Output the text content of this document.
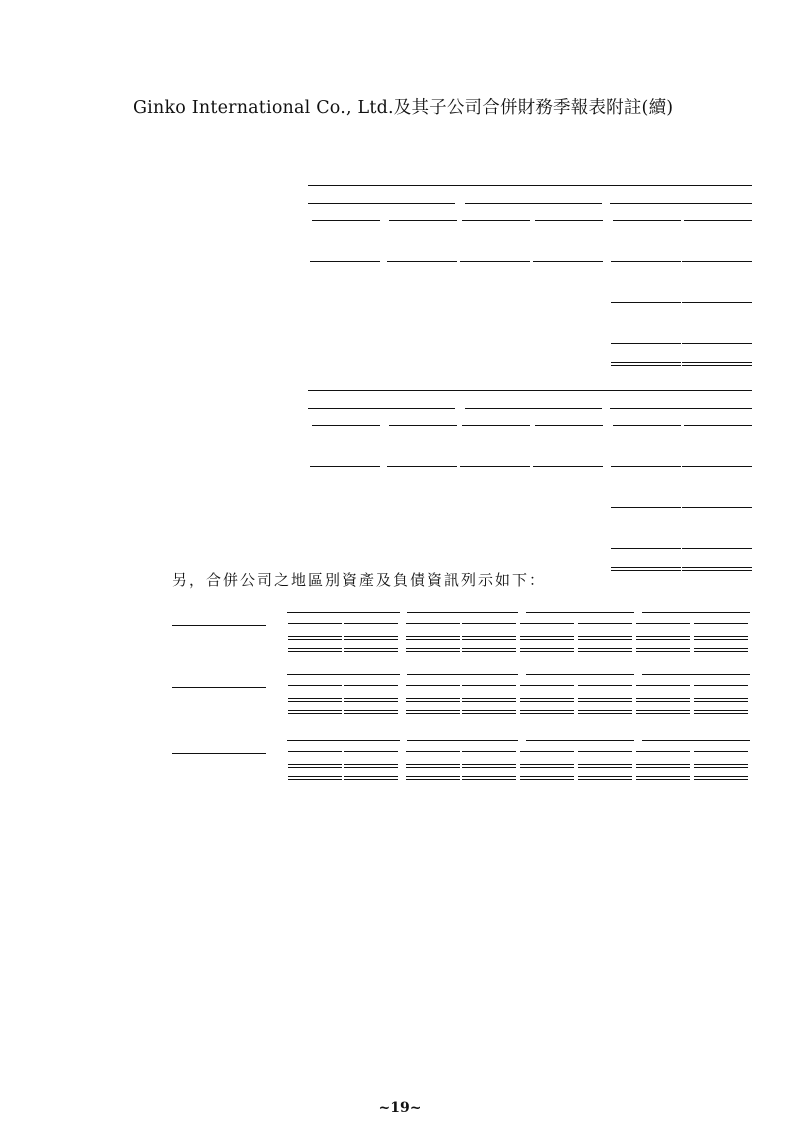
Ginko International Co., Ltd.及其子公司合併財務季報表附註(續)
另，合併公司之地區別資產及負債資訊列示如下：
~19~
